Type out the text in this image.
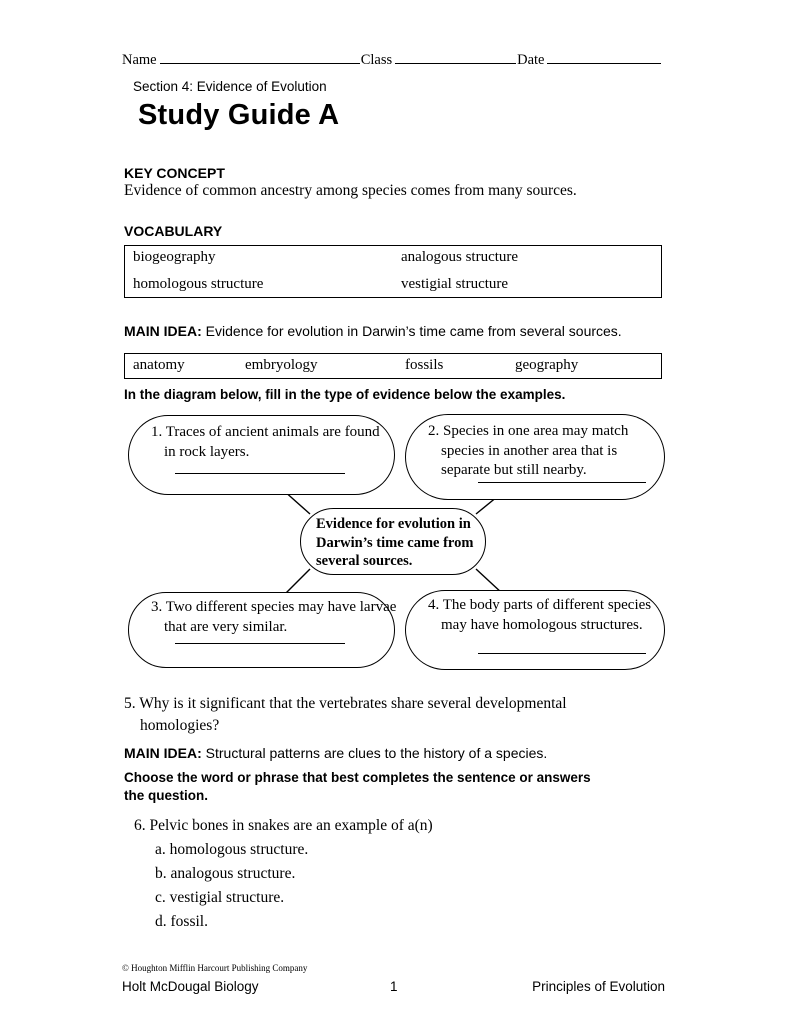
Name	Class	Date
Section 4: Evidence of Evolution
Study Guide A
KEY CONCEPT
Evidence of common ancestry among species comes from many sources.
VOCABULARY
biogeography	analogous structure
homologous structure	vestigial structure
MAIN IDEA: Evidence for evolution in Darwin’s time came from several sources.
anatomy	embryology	fossils	geography
In the diagram below, fill in the type of evidence below the examples.
1. Traces of ancient animals are found in rock layers.
2. Species in one area may match species in another area that is separate but still nearby.
Evidence for evolution in Darwin’s time came from several sources.
3. Two different species may have larvae that are very similar.
4. The body parts of different species may have homologous structures.
5. Why is it significant that the vertebrates share several developmental homologies?
MAIN IDEA: Structural patterns are clues to the history of a species.
Choose the word or phrase that best completes the sentence or answers the question.
6. Pelvic bones in snakes are an example of a(n)
a. homologous structure.
b. analogous structure.
c. vestigial structure.
d. fossil.
© Houghton Mifflin Harcourt Publishing Company
Holt McDougal Biology	1	Principles of Evolution
